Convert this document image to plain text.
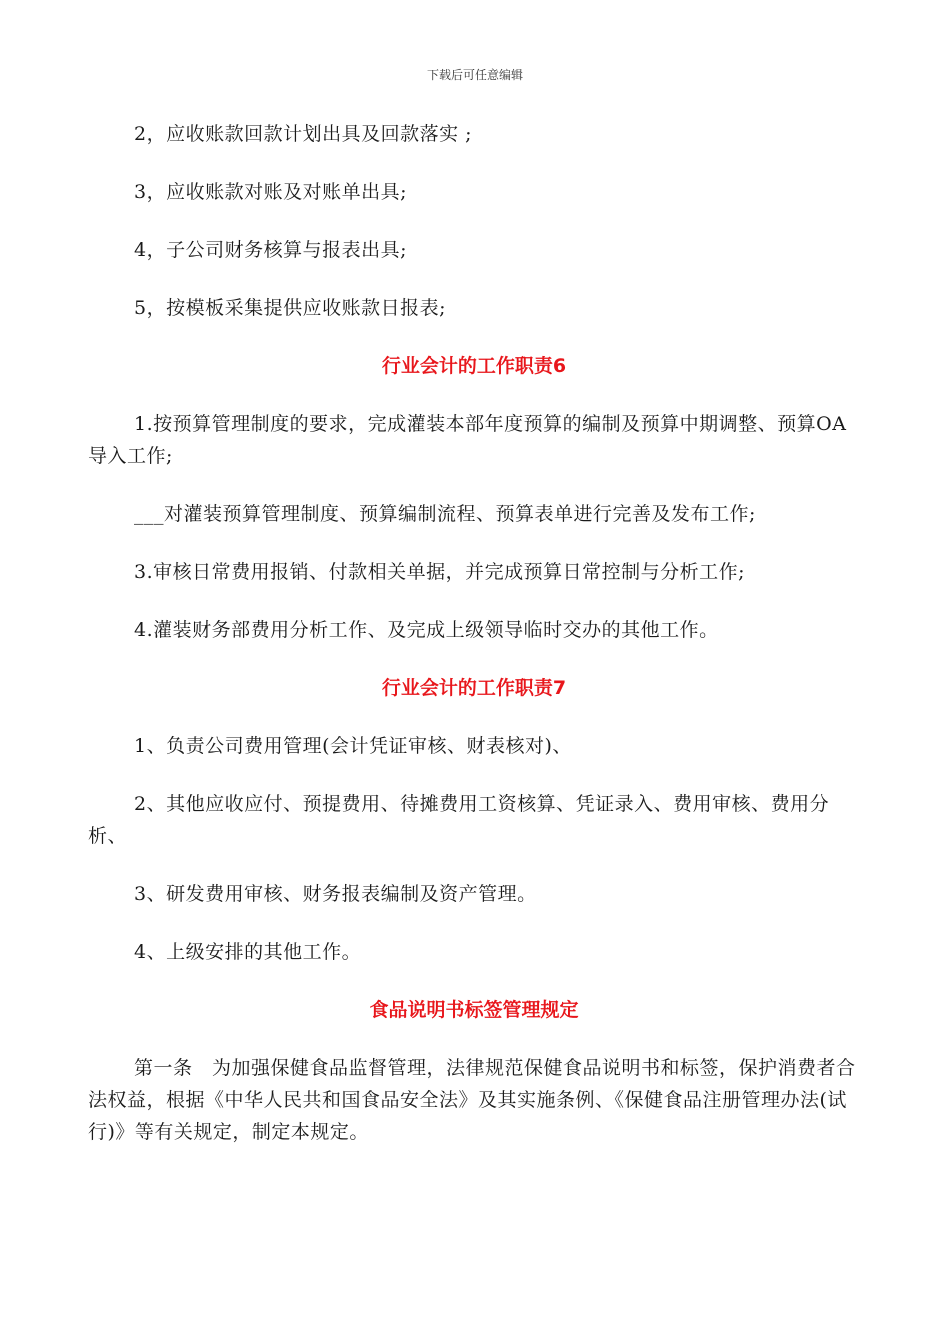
下载后可任意编辑

2，应收账款回款计划出具及回款落实 ;

3，应收账款对账及对账单出具;

4，子公司财务核算与报表出具;

5，按模板采集提供应收账款日报表;

行业会计的工作职责6

1.按预算管理制度的要求，完成灌装本部年度预算的编制及预算中期调整、预算OA导入工作;

___对灌装预算管理制度、预算编制流程、预算表单进行完善及发布工作;

3.审核日常费用报销、付款相关单据，并完成预算日常控制与分析工作;

4.灌装财务部费用分析工作、及完成上级领导临时交办的其他工作。

行业会计的工作职责7

1、负责公司费用管理(会计凭证审核、财表核对)、

2、其他应收应付、预提费用、待摊费用工资核算、凭证录入、费用审核、费用分析、

3、研发费用审核、财务报表编制及资产管理。

4、上级安排的其他工作。

食品说明书标签管理规定

第一条　为加强保健食品监督管理，法律规范保健食品说明书和标签，保护消费者合法权益，根据《中华人民共和国食品安全法》及其实施条例、《保健食品注册管理办法(试行)》等有关规定，制定本规定。
